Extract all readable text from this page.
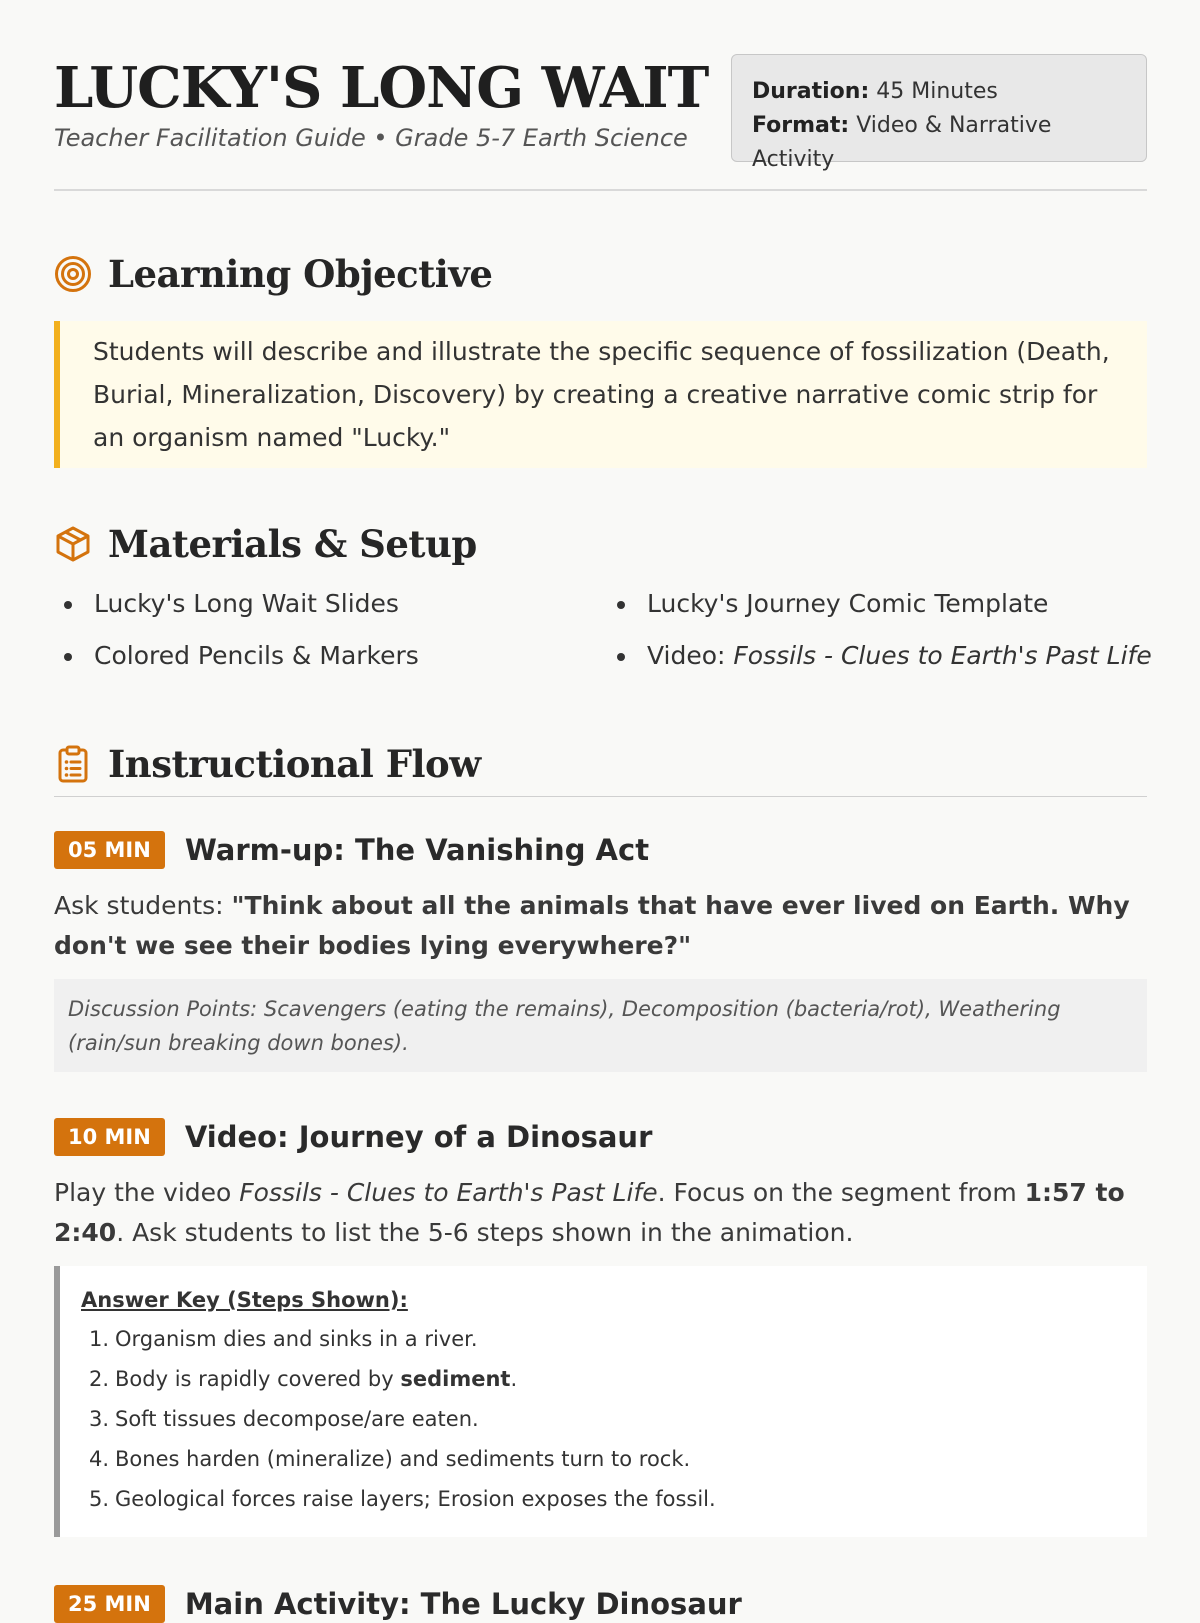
LUCKY'S LONG WAIT
Teacher Facilitation Guide • Grade 5-7 Earth Science
Duration: 45 Minutes
Format: Video & Narrative Activity
Learning Objective
Students will describe and illustrate the specific sequence of fossilization (Death, Burial, Mineralization, Discovery) by creating a creative narrative comic strip for an organism named "Lucky."
Materials & Setup
Lucky's Long Wait Slides	Lucky's Journey Comic Template
Colored Pencils & Markers	Video: Fossils - Clues to Earth's Past Life
Instructional Flow
05 MIN	Warm-up: The Vanishing Act

Ask students: "Think about all the animals that have ever lived on Earth. Why don't we see their bodies lying everywhere?"

Discussion Points: Scavengers (eating the remains), Decomposition (bacteria/rot), Weathering (rain/sun breaking down bones).
10 MIN	Video: Journey of a Dinosaur

Play the video Fossils - Clues to Earth's Past Life. Focus on the segment from 1:57 to 2:40. Ask students to list the 5-6 steps shown in the animation.

Answer Key (Steps Shown):
1. Organism dies and sinks in a river.
2. Body is rapidly covered by sediment.
3. Soft tissues decompose/are eaten.
4. Bones harden (mineralize) and sediments turn to rock.
5. Geological forces raise layers; Erosion exposes the fossil.
25 MIN	Main Activity: The Lucky Dinosaur
